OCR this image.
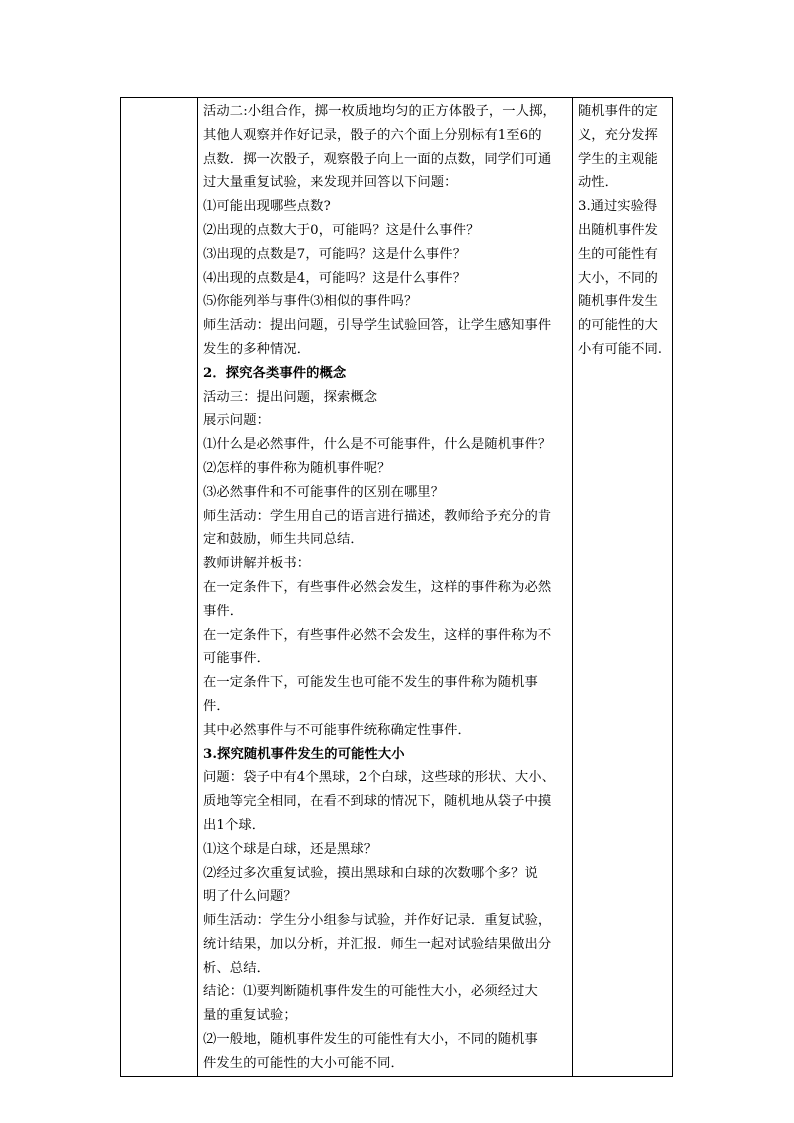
活动二:小组合作，掷一枚质地均匀的正方体骰子，一人掷，
其他人观察并作好记录，骰子的六个面上分别标有1至6的
点数．掷一次骰子，观察骰子向上一面的点数，同学们可通
过大量重复试验，来发现并回答以下问题：
⑴可能出现哪些点数?
⑵出现的点数大于0，可能吗？这是什么事件？
⑶出现的点数是7，可能吗？这是什么事件？
⑷出现的点数是4，可能吗？这是什么事件？
⑸你能列举与事件⑶相似的事件吗？
师生活动：提出问题，引导学生试验回答，让学生感知事件
发生的多种情况．
2．探究各类事件的概念
活动三：提出问题，探索概念
展示问题：
⑴什么是必然事件，什么是不可能事件，什么是随机事件？
⑵怎样的事件称为随机事件呢？
⑶必然事件和不可能事件的区别在哪里？
师生活动：学生用自己的语言进行描述，教师给予充分的肯
定和鼓励，师生共同总结．
教师讲解并板书：
在一定条件下，有些事件必然会发生，这样的事件称为必然
事件．
在一定条件下，有些事件必然不会发生，这样的事件称为不
可能事件．
在一定条件下，可能发生也可能不发生的事件称为随机事
件．
其中必然事件与不可能事件统称确定性事件．
3.探究随机事件发生的可能性大小
问题：袋子中有4个黑球，2个白球，这些球的形状、大小、
质地等完全相同，在看不到球的情况下，随机地从袋子中摸
出1个球．
⑴这个球是白球，还是黑球？
⑵经过多次重复试验，摸出黑球和白球的次数哪个多？说
明了什么问题？
师生活动：学生分小组参与试验，并作好记录．重复试验，
统计结果，加以分析，并汇报．师生一起对试验结果做出分
析、总结．
结论：⑴要判断随机事件发生的可能性大小，必须经过大
量的重复试验；
⑵一般地，随机事件发生的可能性有大小，不同的随机事
件发生的可能性的大小可能不同．

随机事件的定
义，充分发挥
学生的主观能
动性．
3.通过实验得
出随机事件发
生的可能性有
大小，不同的
随机事件发生
的可能性的大
小有可能不同.
